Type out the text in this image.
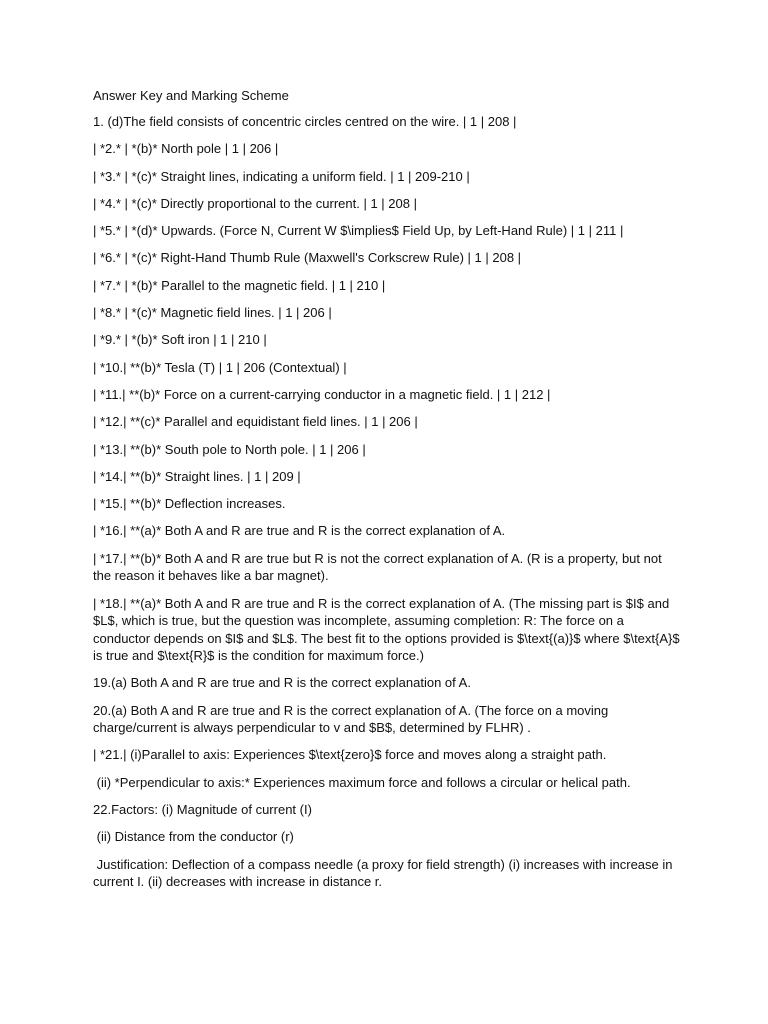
Answer Key and Marking Scheme
1. (d)The field consists of concentric circles centred on the wire. | 1 | 208 |
| *2.* | *(b)* North pole | 1 | 206 |
| *3.* | *(c)* Straight lines, indicating a uniform field. | 1 | 209-210 |
| *4.* | *(c)* Directly proportional to the current. | 1 | 208 |
| *5.* | *(d)* Upwards. (Force N, Current W $\implies$ Field Up, by Left-Hand Rule) | 1 | 211 |
| *6.* | *(c)* Right-Hand Thumb Rule (Maxwell's Corkscrew Rule) | 1 | 208 |
| *7.* | *(b)* Parallel to the magnetic field. | 1 | 210 |
| *8.* | *(c)* Magnetic field lines. | 1 | 206 |
| *9.* | *(b)* Soft iron | 1 | 210 |
| *10.| **(b)* Tesla (T) | 1 | 206 (Contextual) |
| *11.| **(b)* Force on a current-carrying conductor in a magnetic field. | 1 | 212 |
| *12.| **(c)* Parallel and equidistant field lines. | 1 | 206 |
| *13.| **(b)* South pole to North pole. | 1 | 206 |
| *14.| **(b)* Straight lines. | 1 | 209 |
| *15.| **(b)* Deflection increases.
| *16.| **(a)* Both A and R are true and R is the correct explanation of A.
| *17.| **(b)* Both A and R are true but R is not the correct explanation of A. (R is a property, but not the reason it behaves like a bar magnet).
| *18.| **(a)* Both A and R are true and R is the correct explanation of A. (The missing part is $I$ and $L$, which is true, but the question was incomplete, assuming completion: R: The force on a conductor depends on $I$ and $L$. The best fit to the options provided is $\text{(a)}$ where $\text{A}$ is true and $\text{R}$ is the condition for maximum force.)
19.(a) Both A and R are true and R is the correct explanation of A.
20.(a) Both A and R are true and R is the correct explanation of A. (The force on a moving charge/current is always perpendicular to v and $B$, determined by FLHR) .
| *21.| (i)Parallel to axis: Experiences $\text{zero}$ force and moves along a straight path.
(ii) *Perpendicular to axis:* Experiences maximum force and follows a circular or helical path.
22.Factors: (i) Magnitude of current (I)
(ii) Distance from the conductor (r)
Justification: Deflection of a compass needle (a proxy for field strength) (i) increases with increase in current I. (ii) decreases with increase in distance r.
